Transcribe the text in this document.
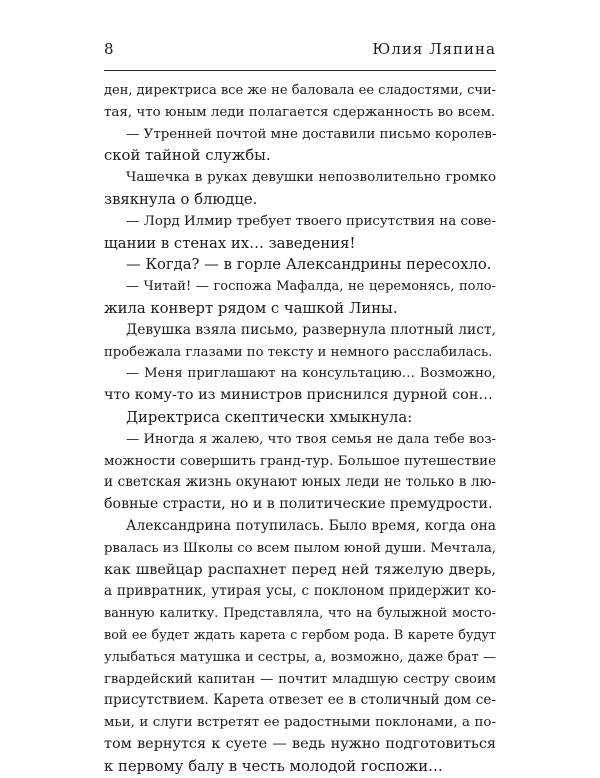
8	Юлия Ляпина
ден, директриса все же не баловала ее сладостями, счи-
тая, что юным леди полагается сдержанность во всем.
— Утренней почтой мне доставили письмо королев-
ской тайной службы.
Чашечка в руках девушки непозволительно громко
звякнула о блюдце.
— Лорд Илмир требует твоего присутствия на сове-
щании в стенах их… заведения!
— Когда? — в горле Александрины пересохло.
— Читай! — госпожа Мафалда, не церемонясь, поло-
жила конверт рядом с чашкой Лины.
Девушка взяла письмо, развернула плотный лист,
пробежала глазами по тексту и немного расслабилась.
— Меня приглашают на консультацию… Возможно,
что кому-то из министров приснился дурной сон…
Директриса скептически хмыкнула:
— Иногда я жалею, что твоя семья не дала тебе воз-
можности совершить гранд-тур. Большое путешествие
и светская жизнь окунают юных леди не только в лю-
бовные страсти, но и в политические премудрости.
Александрина потупилась. Было время, когда она
рвалась из Школы со всем пылом юной души. Мечтала,
как швейцар распахнет перед ней тяжелую дверь,
а привратник, утирая усы, с поклоном придержит ко-
ванную калитку. Представляла, что на булыжной мосто-
вой ее будет ждать карета с гербом рода. В карете будут
улыбаться матушка и сестры, а, возможно, даже брат —
гвардейский капитан — почтит младшую сестру своим
присутствием. Карета отвезет ее в столичный дом се-
мьи, и слуги встретят ее радостными поклонами, а по-
том вернутся к суете — ведь нужно подготовиться
к первому балу в честь молодой госпожи…
